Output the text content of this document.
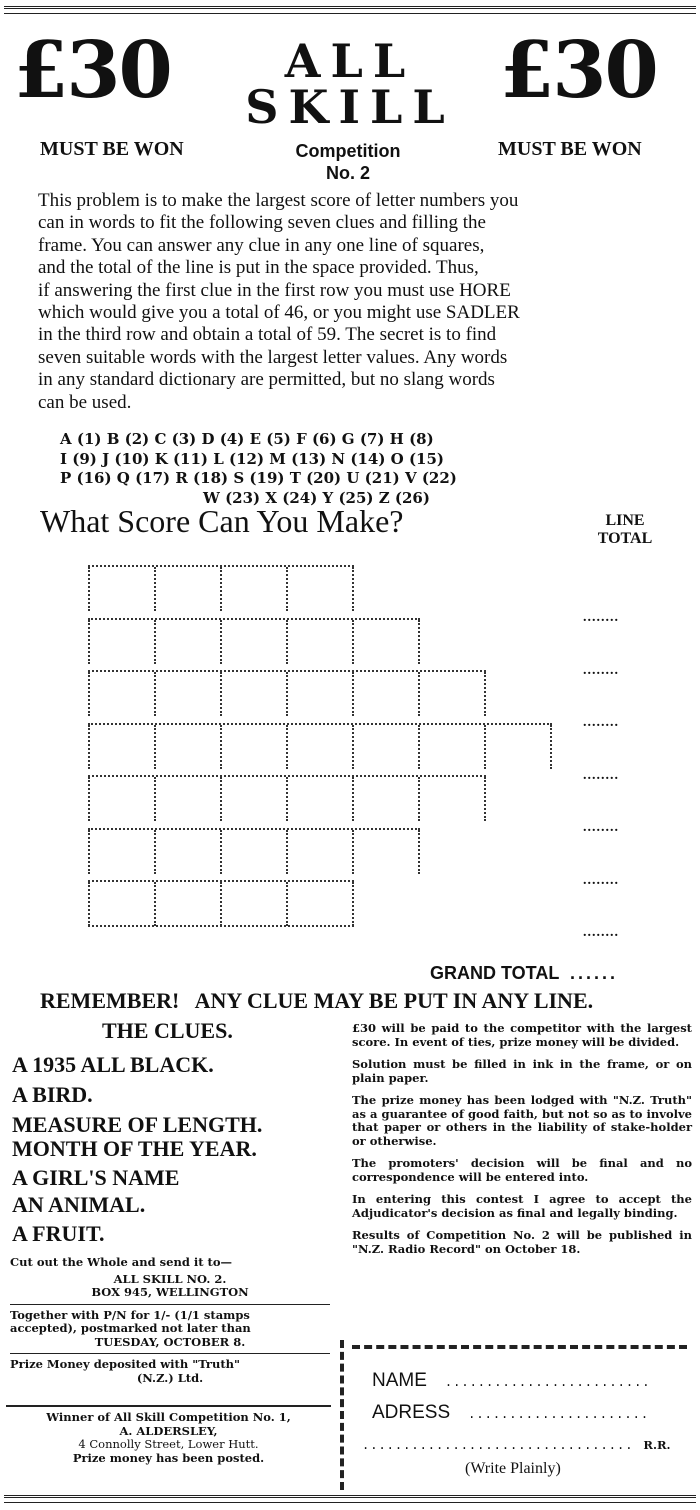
£30	£30
ALL
SKILL
MUST BE WON	MUST BE WON
Competition
No. 2

This problem is to make the largest score of letter numbers you
can in words to fit the following seven clues and filling the
frame. You can answer any clue in any one line of squares,
and the total of the line is put in the space provided. Thus,
if answering the first clue in the first row you must use HORE
which would give you a total of 46, or you might use SADLER
in the third row and obtain a total of 59. The secret is to find
seven suitable words with the largest letter values. Any words
in any standard dictionary are permitted, but no slang words
can be used.

A (1) B (2) C (3) D (4) E (5) F (6) G (7) H (8)
I (9) J (10) K (11) L (12) M (13) N (14) O (15)
P (16) Q (17) R (18) S (19) T (20) U (21) V (22)
W (23) X (24) Y (25) Z (26)
What Score Can You Make?	LINE
TOTAL
........
........
........
........
........
........
........
GRAND TOTAL ......
REMEMBER!   ANY CLUE MAY BE PUT IN ANY LINE.
THE CLUES.
A 1935 ALL BLACK.
A BIRD.
MEASURE OF LENGTH.
MONTH OF THE YEAR.
A GIRL'S NAME
AN ANIMAL.
A FRUIT.
Cut out the Whole and send it to—
ALL SKILL NO. 2.
BOX 945, WELLINGTON
Together with P/N for 1/- (1/1 stamps
accepted), postmarked not later than
TUESDAY, OCTOBER 8.
Prize Money deposited with "Truth"
(N.Z.) Ltd.
Winner of All Skill Competition No. 1,
A. ALDERSLEY,
4 Connolly Street, Lower Hutt.
Prize money has been posted.

£30 will be paid to the competitor with the largest score. In event of ties, prize money will be divided.

Solution must be filled in ink in the frame, or on plain paper.

The prize money has been lodged with "N.Z. Truth" as a guarantee of good faith, but not so as to involve that paper or others in the liability of stake-holder or otherwise.

The promoters' decision will be final and no correspondence will be entered into.

In entering this contest I agree to accept the Adjudicator's decision as final and legally binding.

Results of Competition No. 2 will be published in "N.Z. Radio Record" on October 18.

NAME .........................
ADRESS ......................
................................. R.R.
(Write Plainly)
